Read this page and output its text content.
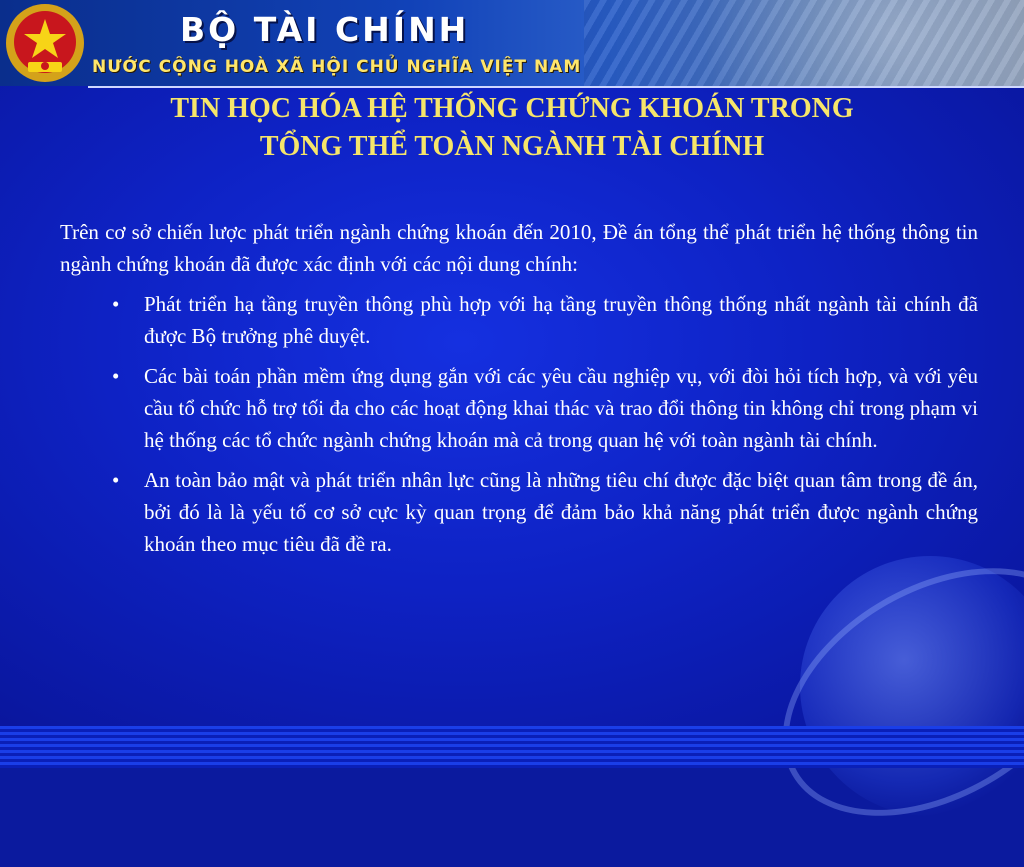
BỘ TÀI CHÍNH
NƯỚC CỘNG HOÀ XÃ HỘI CHỦ NGHĨA VIỆT NAM
TIN HỌC HÓA HỆ THỐNG CHỨNG KHOÁN TRONG
TỔNG THỂ TOÀN NGÀNH TÀI CHÍNH

Trên cơ sở chiến lược phát triển ngành chứng khoán đến 2010, Đề án tổng thể phát triển hệ thống thông tin ngành chứng khoán đã được xác định với các nội dung chính:

• Phát triển hạ tầng truyền thông phù hợp với hạ tầng truyền thông thống nhất ngành tài chính đã được Bộ trưởng phê duyệt.
• Các bài toán phần mềm ứng dụng gắn với các yêu cầu nghiệp vụ, với đòi hỏi tích hợp, và với yêu cầu tổ chức hỗ trợ tối đa cho các hoạt động khai thác và trao đổi thông tin không chỉ trong phạm vi hệ thống các tổ chức ngành chứng khoán mà cả trong quan hệ với toàn ngành tài chính.
• An toàn bảo mật và phát triển nhân lực cũng là những tiêu chí được đặc biệt quan tâm trong đề án, bởi đó là là yếu tố cơ sở cực kỳ quan trọng để đảm bảo khả năng phát triển được ngành chứng khoán theo mục tiêu đã đề ra.
